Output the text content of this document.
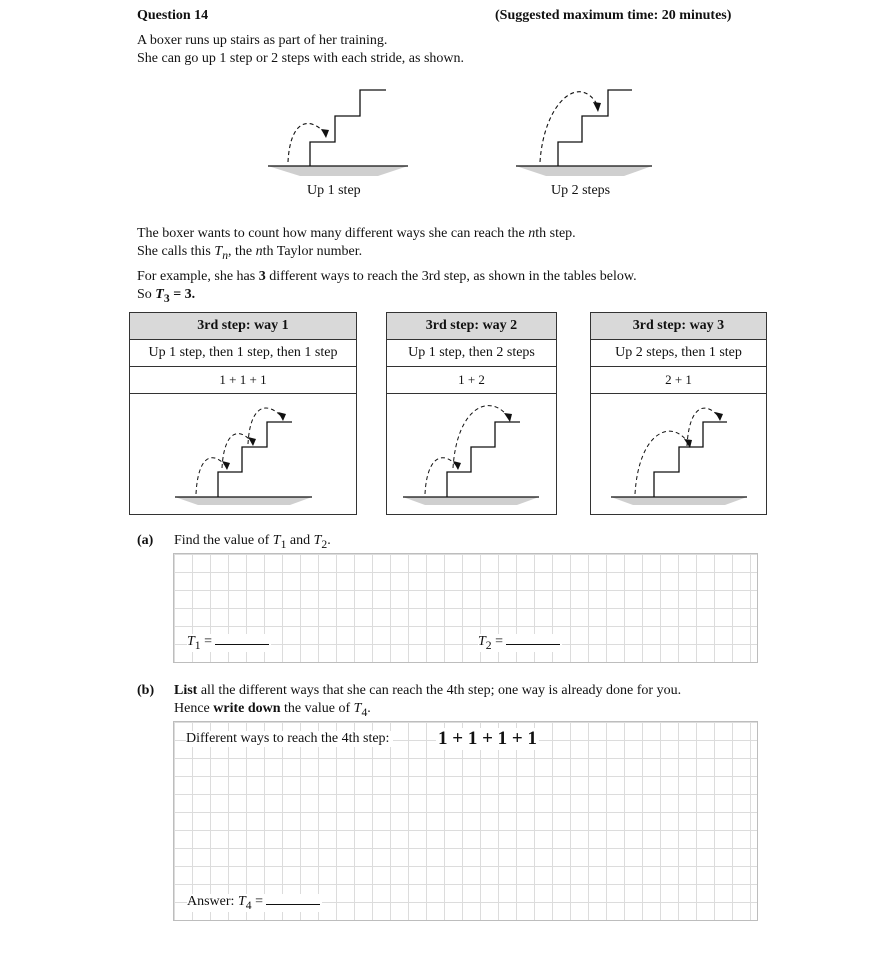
Question 14	(Suggested maximum time: 20 minutes)
A boxer runs up stairs as part of her training.
She can go up 1 step or 2 steps with each stride, as shown.
Up 1 step	Up 2 steps
The boxer wants to count how many different ways she can reach the nth step.
She calls this $T_n$, the nth Taylor number.
For example, she has 3 different ways to reach the 3rd step, as shown in the tables below.
So $T_3 = 3$.
3rd step: way 1
Up 1 step, then 1 step, then 1 step
1 + 1 + 1
3rd step: way 2
Up 1 step, then 2 steps
1 + 2
3rd step: way 3
Up 2 steps, then 1 step
2 + 1
(a) Find the value of $T_1$ and $T_2$.
$T_1$ =	$T_2$ =
(b) List all the different ways that she can reach the 4th step; one way is already done for you.
Hence write down the value of $T_4$.
Different ways to reach the 4th step:	1 + 1 + 1 + 1
Answer: $T_4$ =
